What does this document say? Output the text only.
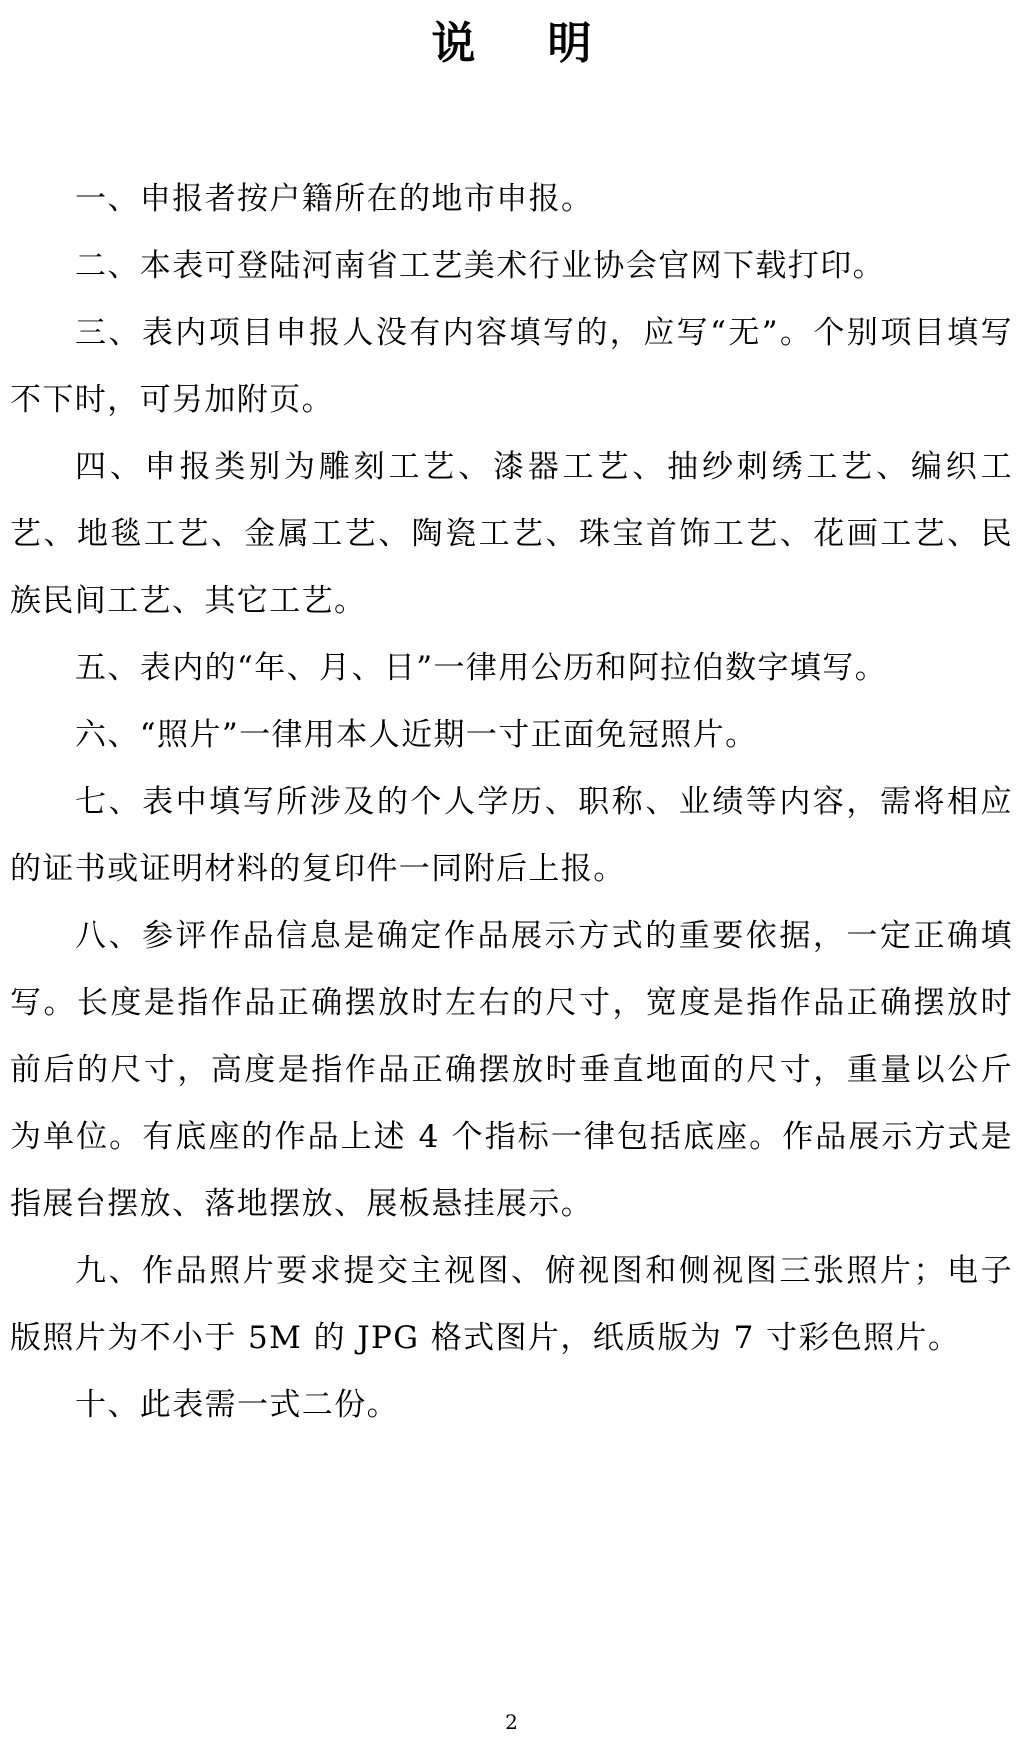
说明

一、申报者按户籍所在的地市申报。

二、本表可登陆河南省工艺美术行业协会官网下载打印。

三、表内项目申报人没有内容填写的，应写“无”。个别项目填写不下时，可另加附页。

四、申报类别为雕刻工艺、漆器工艺、抽纱刺绣工艺、编织工艺、地毯工艺、金属工艺、陶瓷工艺、珠宝首饰工艺、花画工艺、民族民间工艺、其它工艺。

五、表内的“年、月、日”一律用公历和阿拉伯数字填写。

六、“照片”一律用本人近期一寸正面免冠照片。

七、表中填写所涉及的个人学历、职称、业绩等内容，需将相应的证书或证明材料的复印件一同附后上报。

八、参评作品信息是确定作品展示方式的重要依据，一定正确填写。长度是指作品正确摆放时左右的尺寸，宽度是指作品正确摆放时前后的尺寸，高度是指作品正确摆放时垂直地面的尺寸，重量以公斤为单位。有底座的作品上述 4 个指标一律包括底座。作品展示方式是指展台摆放、落地摆放、展板悬挂展示。

九、作品照片要求提交主视图、俯视图和侧视图三张照片；电子版照片为不小于 5M 的 JPG 格式图片，纸质版为 7 寸彩色照片。

十、此表需一式二份。

2
